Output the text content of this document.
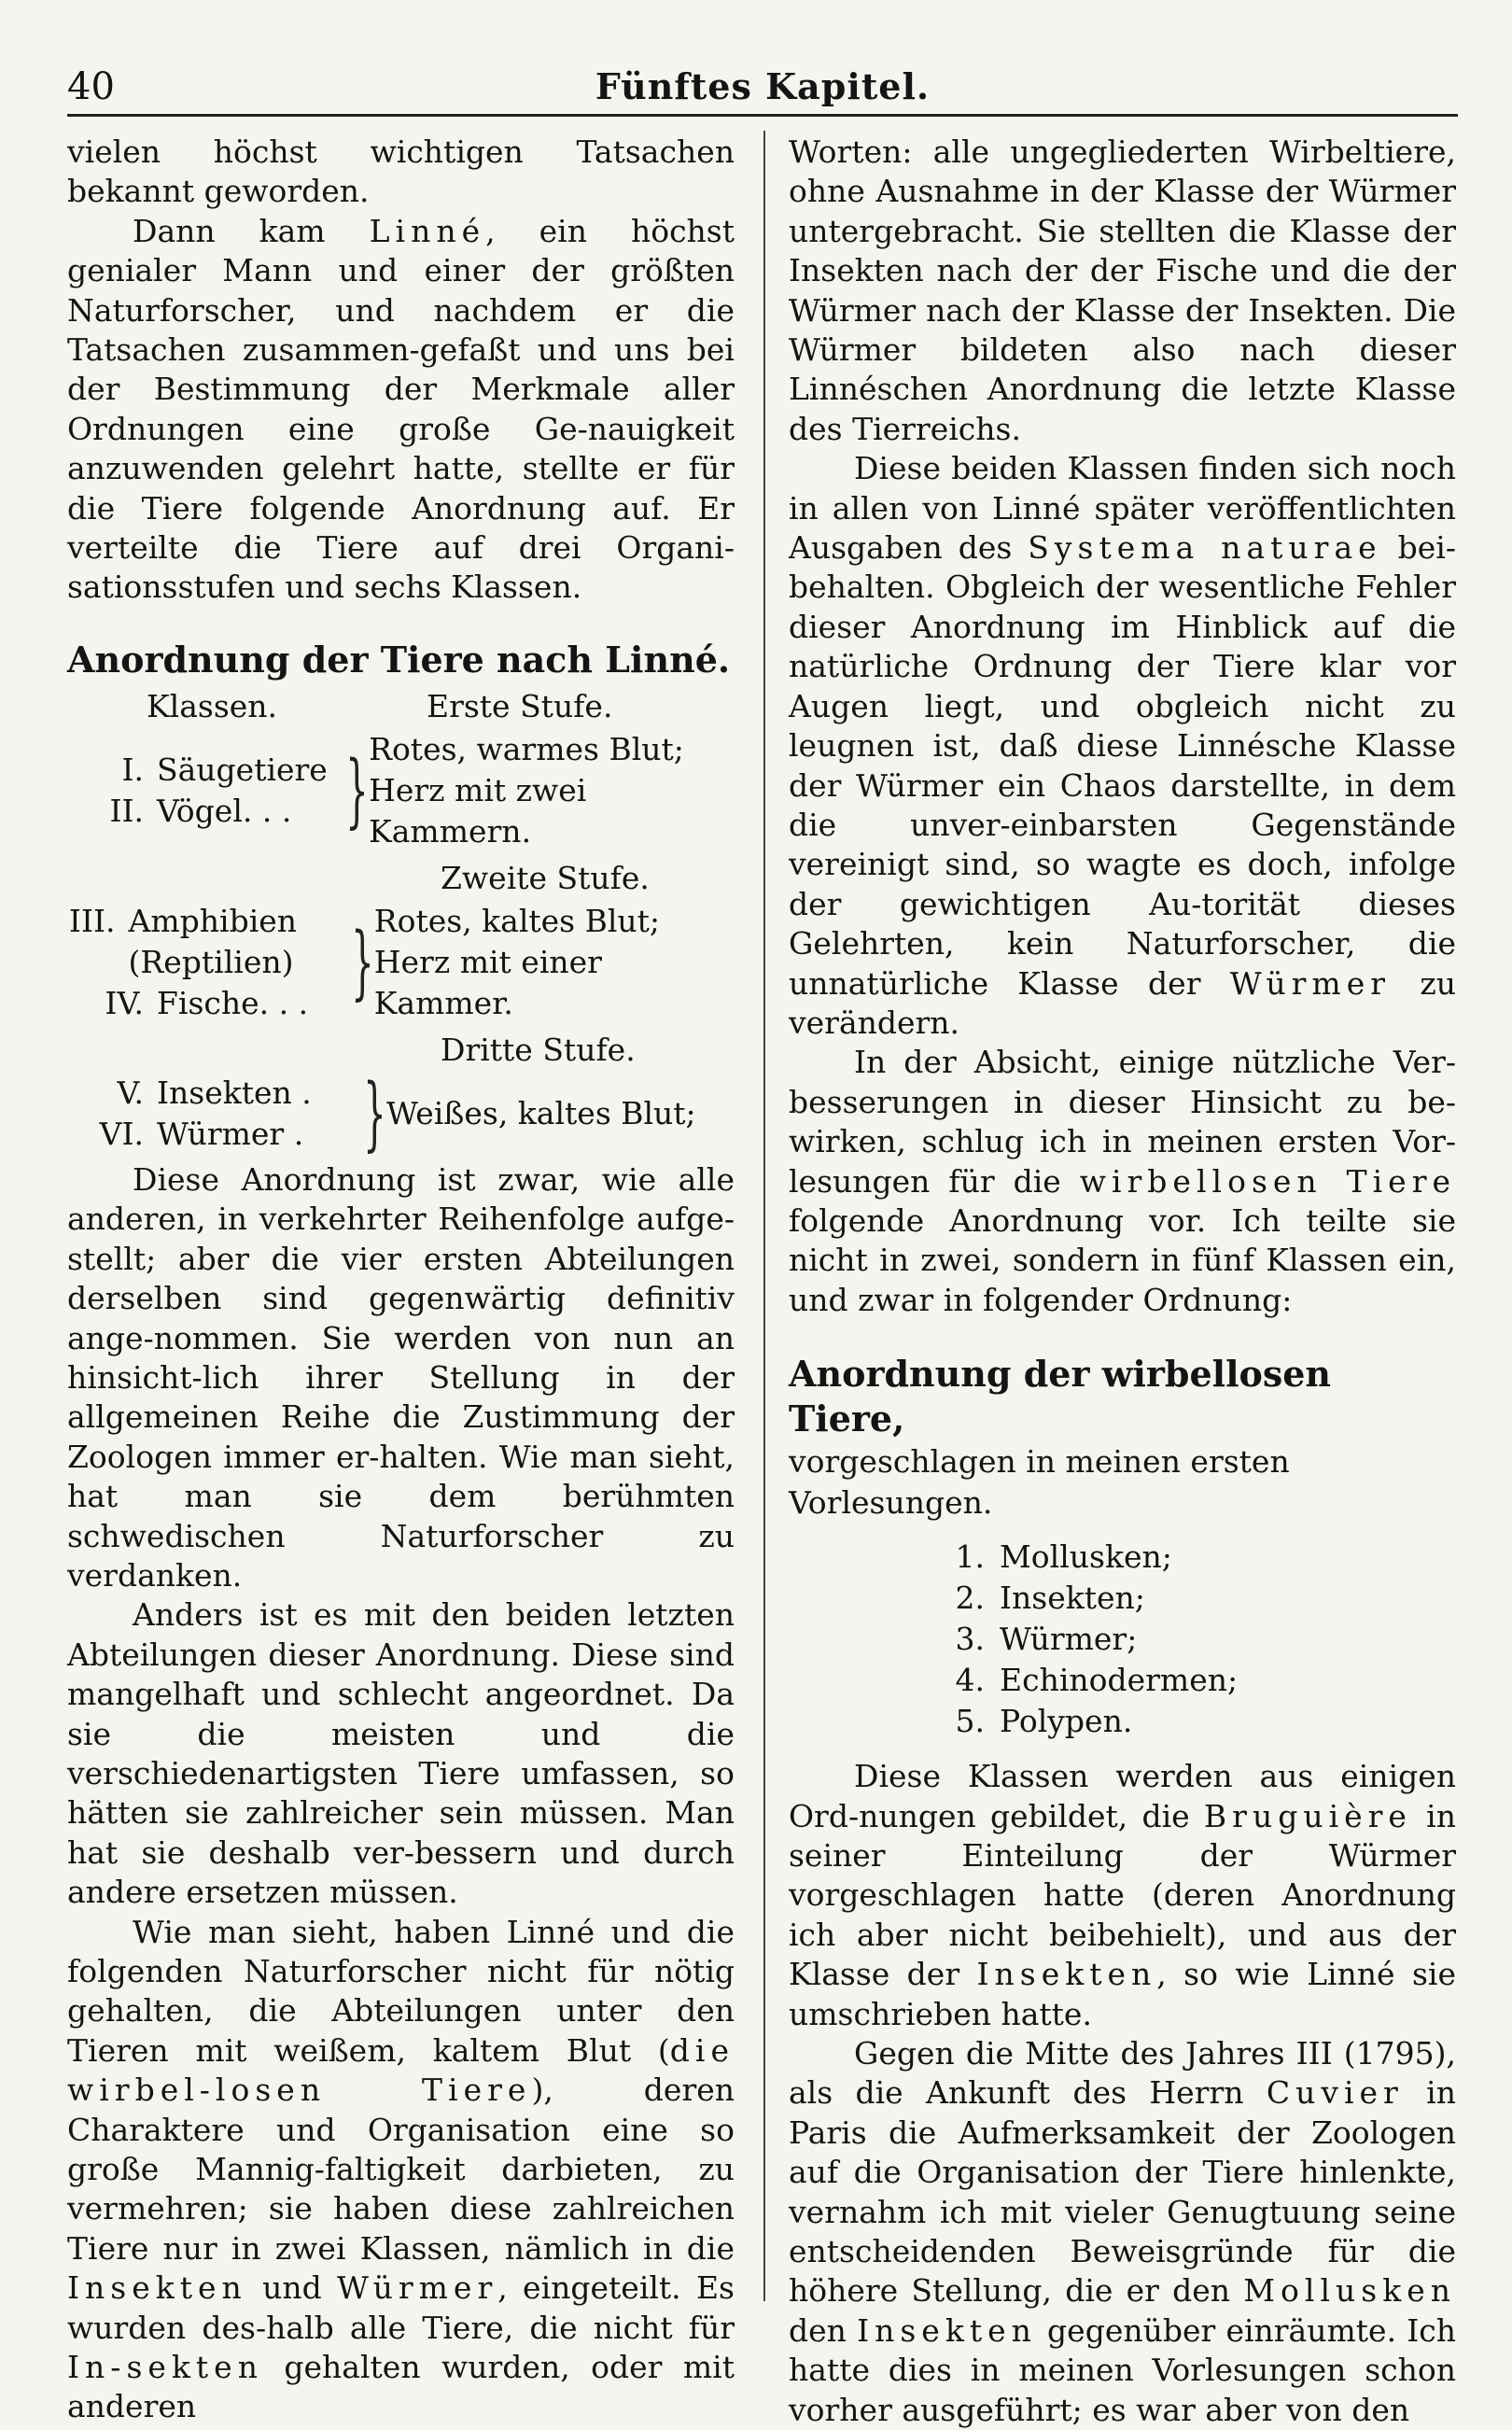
40	Fünftes Kapitel.

vielen höchst wichtigen Tatsachen bekannt geworden.

Dann kam Linné, ein höchst genialer Mann und einer der größten Naturforscher, und nachdem er die Tatsachen zusammen-gefaßt und uns bei der Bestimmung der Merkmale aller Ordnungen eine große Ge-nauigkeit anzuwenden gelehrt hatte, stellte er für die Tiere folgende Anordnung auf. Er verteilte die Tiere auf drei Organi-sationsstufen und sechs Klassen.

Anordnung der Tiere nach Linné.
Klassen.	Erste Stufe.
I. Säugetiere
II. Vögel. . . } Rotes, warmes Blut;
Herz mit zwei Kammern.
Zweite Stufe.
III. Amphibien (Reptilien)
IV. Fische. . . } Rotes, kaltes Blut;
Herz mit einer Kammer.
Dritte Stufe.
V. Insekten .
VI. Würmer . } Weißes, kaltes Blut;

Diese Anordnung ist zwar, wie alle anderen, in verkehrter Reihenfolge aufge-stellt; aber die vier ersten Abteilungen derselben sind gegenwärtig definitiv ange-nommen. Sie werden von nun an hinsicht-lich ihrer Stellung in der allgemeinen Reihe die Zustimmung der Zoologen immer er-halten. Wie man sieht, hat man sie dem berühmten schwedischen Naturforscher zu verdanken.

Anders ist es mit den beiden letzten Abteilungen dieser Anordnung. Diese sind mangelhaft und schlecht angeordnet. Da sie die meisten und die verschiedenartigsten Tiere umfassen, so hätten sie zahlreicher sein müssen. Man hat sie deshalb ver-bessern und durch andere ersetzen müssen.

Wie man sieht, haben Linné und die folgenden Naturforscher nicht für nötig gehalten, die Abteilungen unter den Tieren mit weißem, kaltem Blut (die wirbel-losen Tiere), deren Charaktere und Organisation eine so große Mannig-faltigkeit darbieten, zu vermehren; sie haben diese zahlreichen Tiere nur in zwei Klassen, nämlich in die Insekten und Würmer, eingeteilt. Es wurden des-halb alle Tiere, die nicht für In-sekten gehalten wurden, oder mit anderen

Worten: alle ungegliederten Wirbeltiere, ohne Ausnahme in der Klasse der Würmer untergebracht. Sie stellten die Klasse der Insekten nach der der Fische und die der Würmer nach der Klasse der Insekten. Die Würmer bildeten also nach dieser Linnéschen Anordnung die letzte Klasse des Tierreichs.

Diese beiden Klassen finden sich noch in allen von Linné später veröffentlichten Ausgaben des Systema naturae bei-behalten. Obgleich der wesentliche Fehler dieser Anordnung im Hinblick auf die natürliche Ordnung der Tiere klar vor Augen liegt, und obgleich nicht zu leugnen ist, daß diese Linnésche Klasse der Würmer ein Chaos darstellte, in dem die unver-einbarsten Gegenstände vereinigt sind, so wagte es doch, infolge der gewichtigen Au-torität dieses Gelehrten, kein Naturforscher, die unnatürliche Klasse der Würmer zu verändern.

In der Absicht, einige nützliche Ver-besserungen in dieser Hinsicht zu be-wirken, schlug ich in meinen ersten Vor-lesungen für die wirbellosen Tiere folgende Anordnung vor. Ich teilte sie nicht in zwei, sondern in fünf Klassen ein, und zwar in folgender Ordnung:

Anordnung der wirbellosen Tiere,
vorgeschlagen in meinen ersten Vorlesungen.
1. Mollusken;
2. Insekten;
3. Würmer;
4. Echinodermen;
5. Polypen.

Diese Klassen werden aus einigen Ord-nungen gebildet, die Bruguière in seiner Einteilung der Würmer vorgeschlagen hatte (deren Anordnung ich aber nicht beibehielt), und aus der Klasse der Insekten, so wie Linné sie umschrieben hatte.

Gegen die Mitte des Jahres III (1795), als die Ankunft des Herrn Cuvier in Paris die Aufmerksamkeit der Zoologen auf die Organisation der Tiere hinlenkte, vernahm ich mit vieler Genugtuung seine entscheidenden Beweisgründe für die höhere Stellung, die er den Mollusken den Insekten gegenüber einräumte. Ich hatte dies in meinen Vorlesungen schon vorher ausgeführt; es war aber von den
